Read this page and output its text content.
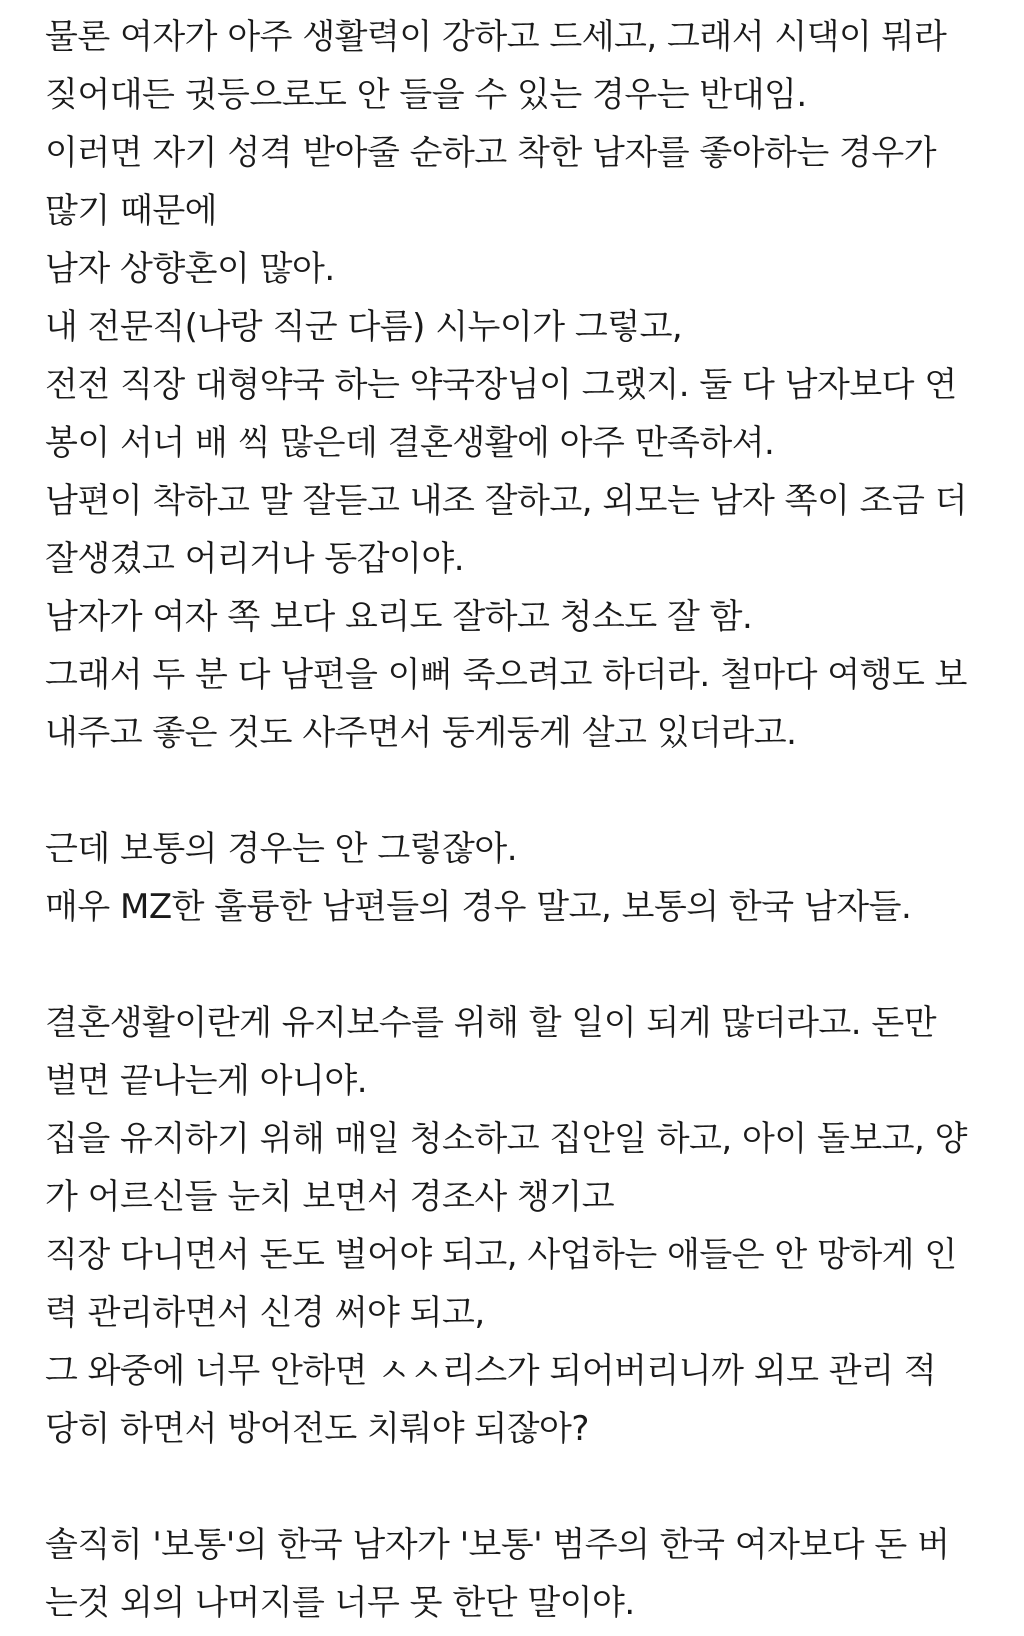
물론 여자가 아주 생활력이 강하고 드세고, 그래서 시댁이 뭐라
짖어대든 귓등으로도 안 들을 수 있는 경우는 반대임.
이러면 자기 성격 받아줄 순하고 착한 남자를 좋아하는 경우가
많기 때문에
남자 상향혼이 많아.
내 전문직(나랑 직군 다름) 시누이가 그렇고,
전전 직장 대형약국 하는 약국장님이 그랬지. 둘 다 남자보다 연
봉이 서너 배 씩 많은데 결혼생활에 아주 만족하셔.
남편이 착하고 말 잘듣고 내조 잘하고, 외모는 남자 쪽이 조금 더
잘생겼고 어리거나 동갑이야.
남자가 여자 쪽 보다 요리도 잘하고 청소도 잘 함.
그래서 두 분 다 남편을 이뻐 죽으려고 하더라. 철마다 여행도 보
내주고 좋은 것도 사주면서 둥게둥게 살고 있더라고.
근데 보통의 경우는 안 그렇잖아.
매우 MZ한 훌륭한 남편들의 경우 말고, 보통의 한국 남자들.
결혼생활이란게 유지보수를 위해 할 일이 되게 많더라고. 돈만
벌면 끝나는게 아니야.
집을 유지하기 위해 매일 청소하고 집안일 하고, 아이 돌보고, 양
가 어르신들 눈치 보면서 경조사 챙기고
직장 다니면서 돈도 벌어야 되고, 사업하는 애들은 안 망하게 인
력 관리하면서 신경 써야 되고,
그 와중에 너무 안하면 ㅅㅅ리스가 되어버리니까 외모 관리 적
당히 하면서 방어전도 치뤄야 되잖아?
솔직히 '보통'의 한국 남자가 '보통' 범주의 한국 여자보다 돈 버
는것 외의 나머지를 너무 못 한단 말이야.
